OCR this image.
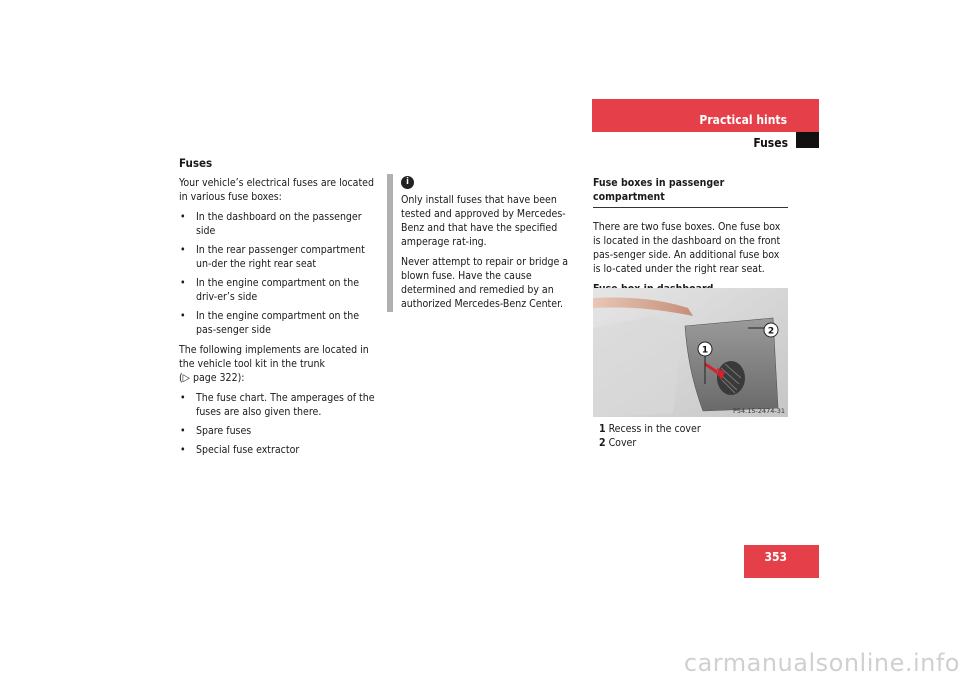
Practical hints
Fuses
Fuses

Your vehicle’s electrical fuses are located in various fuse boxes:

• In the dashboard on the passenger side
• In the rear passenger compartment un-der the right rear seat
• In the engine compartment on the driv-er’s side
• In the engine compartment on the pas-senger side

The following implements are located in the vehicle tool kit in the trunk
(▷ page 322):

• The fuse chart. The amperages of the fuses are also given there.
• Spare fuses
• Special fuse extractor
i

Only install fuses that have been tested and approved by Mercedes-Benz and that have the specified amperage rat-ing.

Never attempt to repair or bridge a blown fuse. Have the cause determined and remedied by an authorized Mercedes-Benz Center.

Fuse boxes in passenger compartment

There are two fuse boxes. One fuse box is located in the dashboard on the front pas-senger side. An additional fuse box is lo-cated under the right rear seat.

1
2
P54.15-2474-31
1 Recess in the cover
2 Cover
353
carmanualsonline.info
